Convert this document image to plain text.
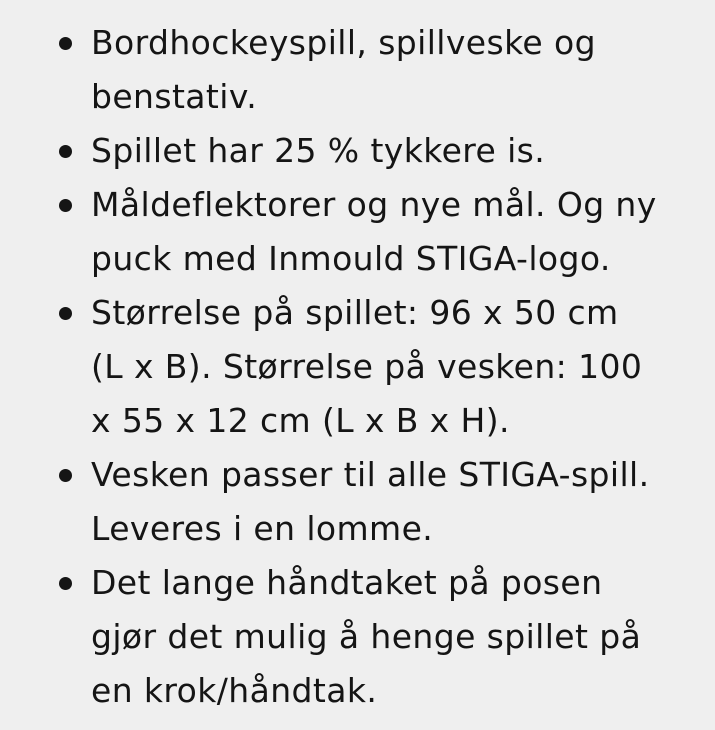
Bordhockeyspill, spillveske og
benstativ.
Spillet har 25 % tykkere is.
Måldeflektorer og nye mål. Og ny
puck med Inmould STIGA-logo.
Størrelse på spillet: 96 x 50 cm
(L x B). Størrelse på vesken: 100
x 55 x 12 cm (L x B x H).
Vesken passer til alle STIGA-spill.
Leveres i en lomme.
Det lange håndtaket på posen
gjør det mulig å henge spillet på
en krok/håndtak.
